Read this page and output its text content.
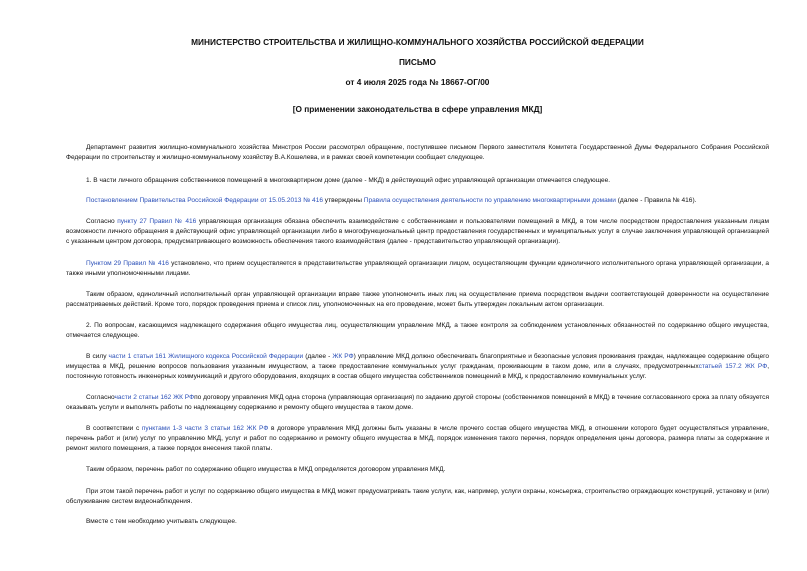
МИНИСТЕРСТВО СТРОИТЕЛЬСТВА И ЖИЛИЩНО-КОММУНАЛЬНОГО ХОЗЯЙСТВА РОССИЙСКОЙ ФЕДЕРАЦИИ
ПИСЬМО
от 4 июля 2025 года № 18667-ОГ/00
[О применении законодательства в сфере управления МКД]

Департамент развития жилищно-коммунального хозяйства Минстроя России рассмотрел обращение, поступившее письмом Первого заместителя Комитета Государственной Думы Федерального Собрания Российской Федерации по строительству и жилищно-коммунальному хозяйству В.А.Кошелева, и в рамках своей компетенции сообщает следующее.

1. В части личного обращения собственников помещений в многоквартирном доме (далее - МКД) в действующий офис управляющей организации отмечается следующее.

Постановлением Правительства Российской Федерации от 15.05.2013 № 416 утверждены Правила осуществления деятельности по управлению многоквартирными домами (далее - Правила № 416).

Согласно пункту 27 Правил № 416 управляющая организация обязана обеспечить взаимодействие с собственниками и пользователями помещений в МКД, в том числе посредством предоставления указанным лицам возможности личного обращения в действующий офис управляющей организации либо в многофункциональный центр предоставления государственных и муниципальных услуг в случае заключения управляющей организацией с указанным центром договора, предусматривающего возможность обеспечения такого взаимодействия (далее - представительство управляющей организации).

Пунктом 29 Правил № 416 установлено, что прием осуществляется в представительстве управляющей организации лицом, осуществляющим функции единоличного исполнительного органа управляющей организации, а также иными уполномоченными лицами.

Таким образом, единоличный исполнительный орган управляющей организации вправе также уполномочить иных лиц на осуществление приема посредством выдачи соответствующей доверенности на осуществление рассматриваемых действий. Кроме того, порядок проведения приема и список лиц, уполномоченных на его проведение, может быть утвержден локальным актом организации.

2. По вопросам, касающимся надлежащего содержания общего имущества лиц, осуществляющим управление МКД, а также контроля за соблюдением установленных обязанностей по содержанию общего имущества, отмечается следующее.

В силу части 1 статьи 161 Жилищного кодекса Российской Федерации (далее - ЖК РФ) управление МКД должно обеспечивать благоприятные и безопасные условия проживания граждан, надлежащее содержание общего имущества в МКД, решение вопросов пользования указанным имуществом, а также предоставление коммунальных услуг гражданам, проживающим в таком доме, или в случаях, предусмотренныхстатьей 157.2 ЖК РФ, постоянную готовность инженерных коммуникаций и другого оборудования, входящих в состав общего имущества собственников помещений в МКД, к предоставлению коммунальных услуг.

Согласночасти 2 статьи 162 ЖК РФпо договору управления МКД одна сторона (управляющая организация) по заданию другой стороны (собственников помещений в МКД) в течение согласованного срока за плату обязуется оказывать услуги и выполнять работы по надлежащему содержанию и ремонту общего имущества в таком доме.

В соответствии с пунктами 1-3 части 3 статьи 162 ЖК РФ в договоре управления МКД должны быть указаны в числе прочего состав общего имущества МКД, в отношении которого будет осуществляться управление, перечень работ и (или) услуг по управлению МКД, услуг и работ по содержанию и ремонту общего имущества в МКД, порядок изменения такого перечня, порядок определения цены договора, размера платы за содержание и ремонт жилого помещения, а также порядок внесения такой платы.

Таким образом, перечень работ по содержанию общего имущества в МКД определяется договором управления МКД.

При этом такой перечень работ и услуг по содержанию общего имущества в МКД может предусматривать такие услуги, как, например, услуги охраны, консьержа, строительство ограждающих конструкций, установку и (или) обслуживание систем видеонаблюдения.

Вместе с тем необходимо учитывать следующее.
